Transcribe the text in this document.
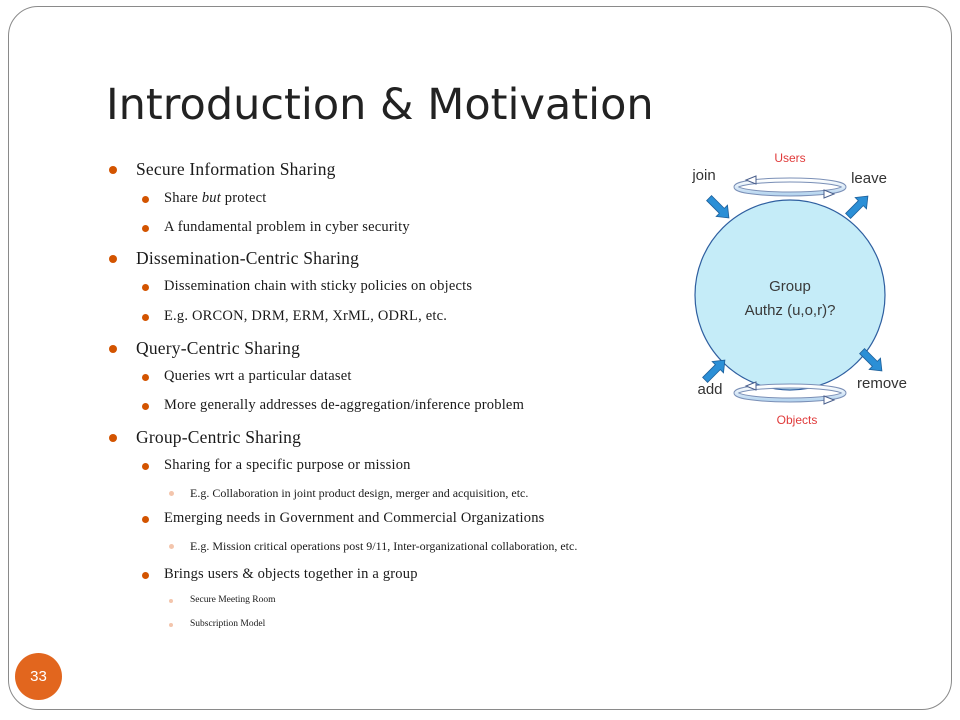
Introduction & Motivation
Secure Information Sharing
Share but protect
A fundamental problem in cyber security
Dissemination-Centric Sharing
Dissemination chain with sticky policies on objects
E.g. ORCON, DRM, ERM, XrML, ODRL, etc.
Query-Centric Sharing
Queries wrt a particular dataset
More generally addresses de-aggregation/inference problem
Group-Centric Sharing
Sharing for a specific purpose or mission
E.g. Collaboration in joint product design, merger and acquisition, etc.
Emerging needs in Government and Commercial Organizations
E.g. Mission critical operations post 9/11, Inter-organizational collaboration, etc.
Brings users & objects together in a group
Secure Meeting Room
Subscription Model
Users
Objects
join	leave
add	remove
Group
Authz (u,o,r)?
33
